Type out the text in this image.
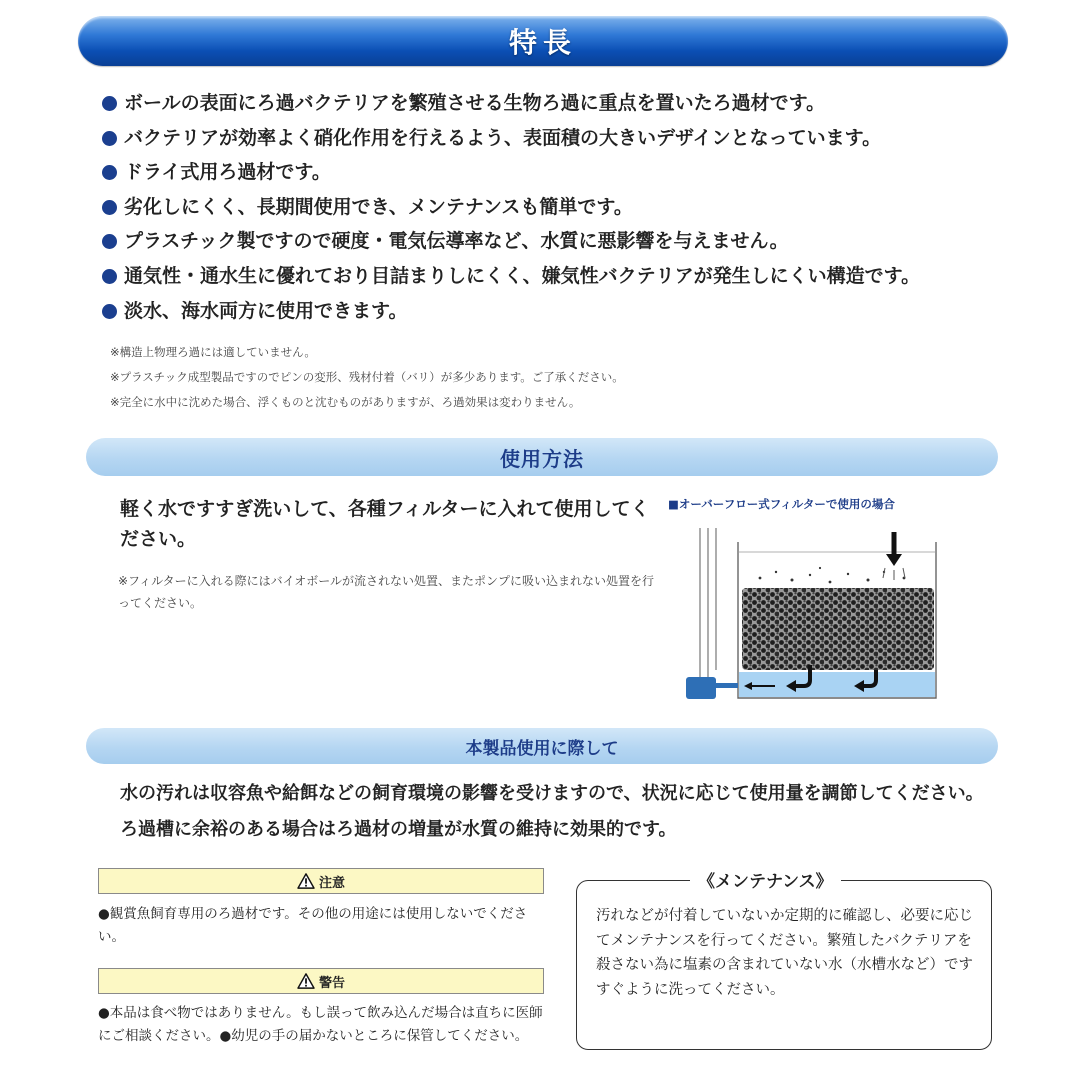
特長
ボールの表面にろ過バクテリアを繁殖させる生物ろ過に重点を置いたろ過材です。
バクテリアが効率よく硝化作用を行えるよう、表面積の大きいデザインとなっています。
ドライ式用ろ過材です。
劣化しにくく、長期間使用でき、メンテナンスも簡単です。
プラスチック製ですので硬度・電気伝導率など、水質に悪影響を与えません。
通気性・通水生に優れており目詰まりしにくく、嫌気性バクテリアが発生しにくい構造です。
淡水、海水両方に使用できます。
※構造上物理ろ過には適していません。
※プラスチック成型製品ですのでピンの変形、残材付着（バリ）が多少あります。ご了承ください。
※完全に水中に沈めた場合、浮くものと沈むものがありますが、ろ過効果は変わりません。
使用方法

軽く水ですすぎ洗いして、各種フィルターに入れて使用してください。

※フィルターに入れる際にはバイオボールが流されない処置、またポンプに吸い込まれない処置を行ってください。

■オーバーフロー式フィルターで使用の場合
本製品使用に際して

水の汚れは収容魚や給餌などの飼育環境の影響を受けますので、状況に応じて使用量を調節してください。ろ過槽に余裕のある場合はろ過材の増量が水質の維持に効果的です。

注意

●観賞魚飼育専用のろ過材です。その他の用途には使用しないでください。

警告

●本品は食べ物ではありません。もし誤って飲み込んだ場合は直ちに医師にご相談ください。●幼児の手の届かないところに保管してください。

《メンテナンス》

汚れなどが付着していないか定期的に確認し、必要に応じてメンテナンスを行ってください。繁殖したバクテリアを殺さない為に塩素の含まれていない水（水槽水など）ですすぐように洗ってください。
